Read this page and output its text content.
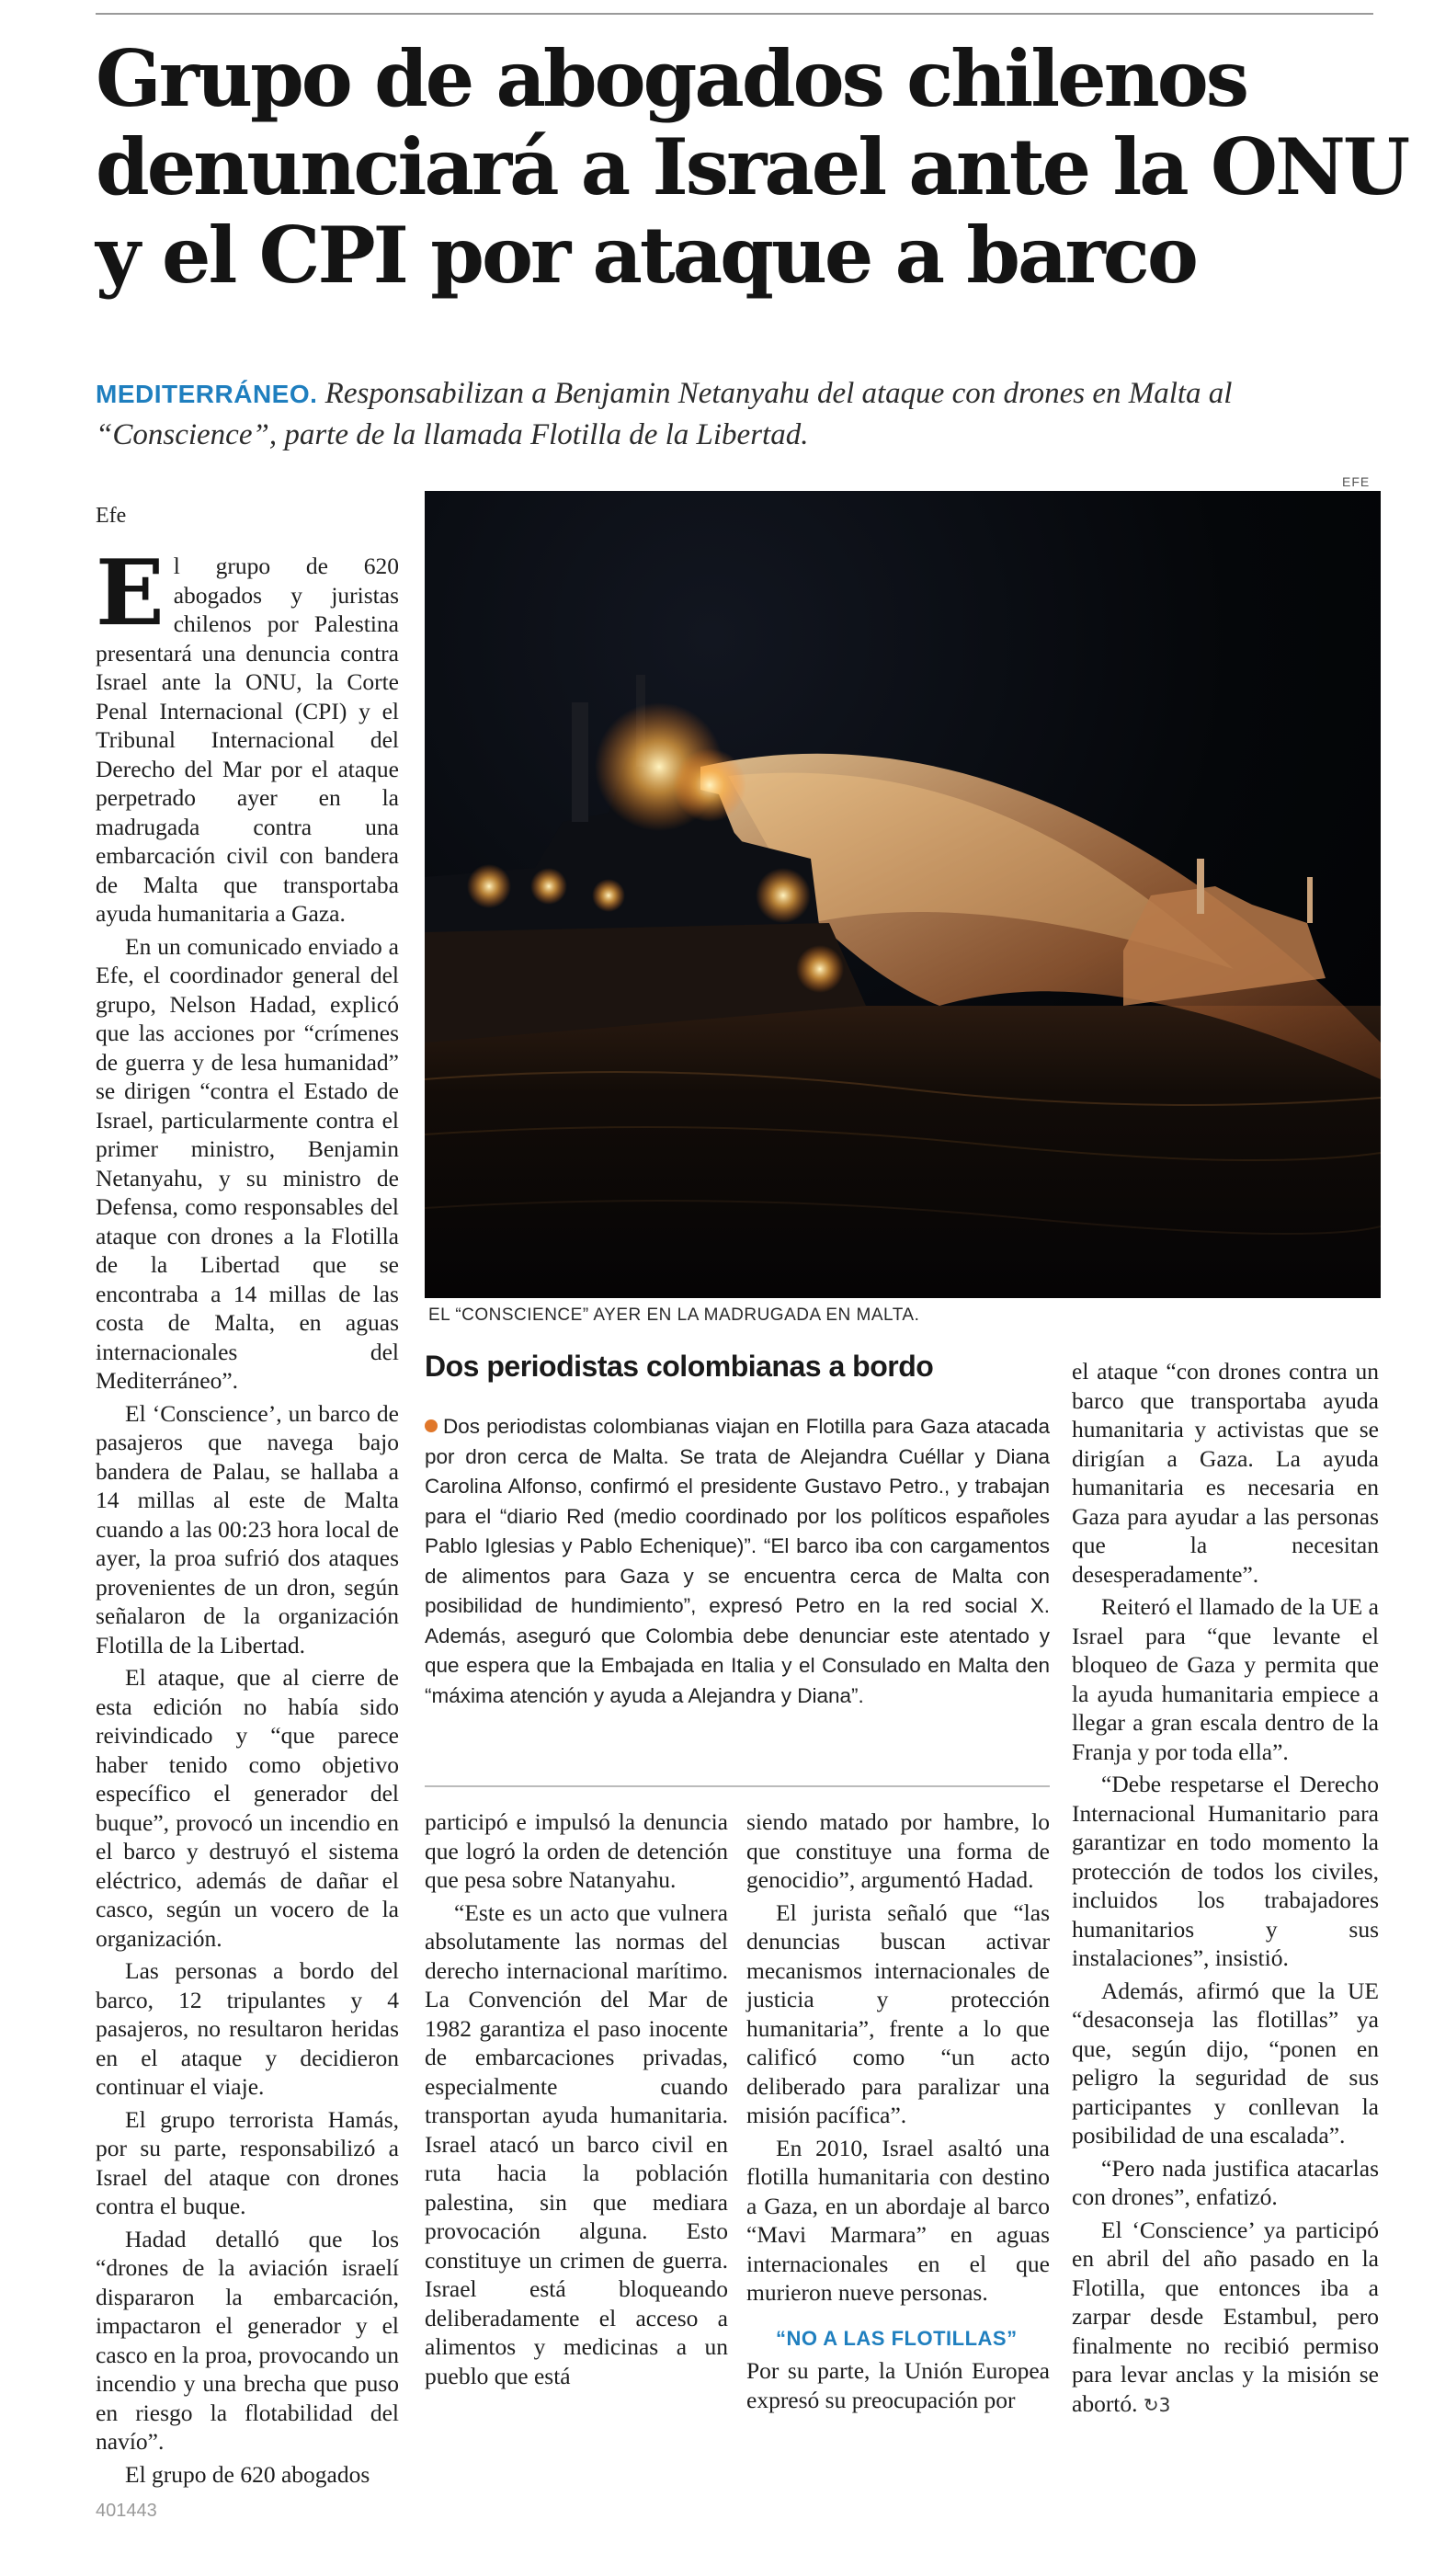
Grupo de abogados chilenos
denunciará a Israel ante la ONU
y el CPI por ataque a barco
MEDITERRÁNEO. Responsabilizan a Benjamin Netanyahu del ataque con drones en Malta al “Conscience”, parte de la llamada Flotilla de la Libertad.
Efe
EFE
EL “CONSCIENCE” AYER EN LA MADRUGADA EN MALTA.

El grupo de 620 abogados y juristas chilenos por Palestina presentará una denuncia contra Israel ante la ONU, la Corte Penal Internacional (CPI) y el Tribunal Internacional del Derecho del Mar por el ataque perpetrado ayer en la madrugada contra una embarcación civil con bandera de Malta que transportaba ayuda humanitaria a Gaza.

En un comunicado enviado a Efe, el coordinador general del grupo, Nelson Hadad, explicó que las acciones por “crímenes de guerra y de lesa humanidad” se dirigen “contra el Estado de Israel, particularmente contra el primer ministro, Benjamin Netanyahu, y su ministro de Defensa, como responsables del ataque con drones a la Flotilla de la Libertad que se encontraba a 14 millas de las costa de Malta, en aguas internacionales del Mediterráneo”.

El ‘Conscience’, un barco de pasajeros que navega bajo bandera de Palau, se hallaba a 14 millas al este de Malta cuando a las 00:23 hora local de ayer, la proa sufrió dos ataques provenientes de un dron, según señalaron de la organización Flotilla de la Libertad.

El ataque, que al cierre de esta edición no había sido reivindicado y “que parece haber tenido como objetivo específico el generador del buque”, provocó un incendio en el barco y destruyó el sistema eléctrico, además de dañar el casco, según un vocero de la organización.

Las personas a bordo del barco, 12 tripulantes y 4 pasajeros, no resultaron heridas en el ataque y decidieron continuar el viaje.

El grupo terrorista Hamás, por su parte, responsabilizó a Israel del ataque con drones contra el buque.

Hadad detalló que los “drones de la aviación israelí dispararon la embarcación, impactaron el generador y el casco en la proa, provocando un incendio y una brecha que puso en riesgo la flotabilidad del navío”.

El grupo de 620 abogados

Dos periodistas colombianas a bordo
Dos periodistas colombianas viajan en Flotilla para Gaza atacada por dron cerca de Malta. Se trata de Alejandra Cuéllar y Diana Carolina Alfonso, confirmó el presidente Gustavo Petro., y trabajan para el “diario Red (medio coordinado por los políticos españoles Pablo Iglesias y Pablo Echenique)”. “El barco iba con cargamentos de alimentos para Gaza y se encuentra cerca de Malta con posibilidad de hundimiento”, expresó Petro en la red social X. Además, aseguró que Colombia debe denunciar este atentado y que espera que la Embajada en Italia y el Consulado en Malta den “máxima atención y ayuda a Alejandra y Diana”.

participó e impulsó la denuncia que logró la orden de detención que pesa sobre Natanyahu.

“Este es un acto que vulnera absolutamente las normas del derecho internacional marítimo. La Convención del Mar de 1982 garantiza el paso inocente de embarcaciones privadas, especialmente cuando transportan ayuda humanitaria. Israel atacó un barco civil en ruta hacia la población palestina, sin que mediara provocación alguna. Esto constituye un crimen de guerra. Israel está bloqueando deliberadamente el acceso a alimentos y medicinas a un pueblo que está

siendo matado por hambre, lo que constituye una forma de genocidio”, argumentó Hadad.

El jurista señaló que “las denuncias buscan activar mecanismos internacionales de justicia y protección humanitaria”, frente a lo que calificó como “un acto deliberado para paralizar una misión pacífica”.

En 2010, Israel asaltó una flotilla humanitaria con destino a Gaza, en un abordaje al barco “Mavi Marmara” en aguas internacionales en el que murieron nueve personas.

“NO A LAS FLOTILLAS”

Por su parte, la Unión Europea expresó su preocupación por

el ataque “con drones contra un barco que transportaba ayuda humanitaria y activistas que se dirigían a Gaza. La ayuda humanitaria es necesaria en Gaza para ayudar a las personas que la necesitan desesperadamente”.

Reiteró el llamado de la UE a Israel para “que levante el bloqueo de Gaza y permita que la ayuda humanitaria empiece a llegar a gran escala dentro de la Franja y por toda ella”.

“Debe respetarse el Derecho Internacional Humanitario para garantizar en todo momento la protección de todos los civiles, incluidos los trabajadores humanitarios y sus instalaciones”, insistió.

Además, afirmó que la UE “desaconseja las flotillas” ya que, según dijo, “ponen en peligro la seguridad de sus participantes y conllevan la posibilidad de una escalada”.

“Pero nada justifica atacarlas con drones”, enfatizó.

El ‘Conscience’ ya participó en abril del año pasado en la Flotilla, que entonces iba a zarpar desde Estambul, pero finalmente no recibió permiso para levar anclas y la misión se abortó. ↻3

401443
